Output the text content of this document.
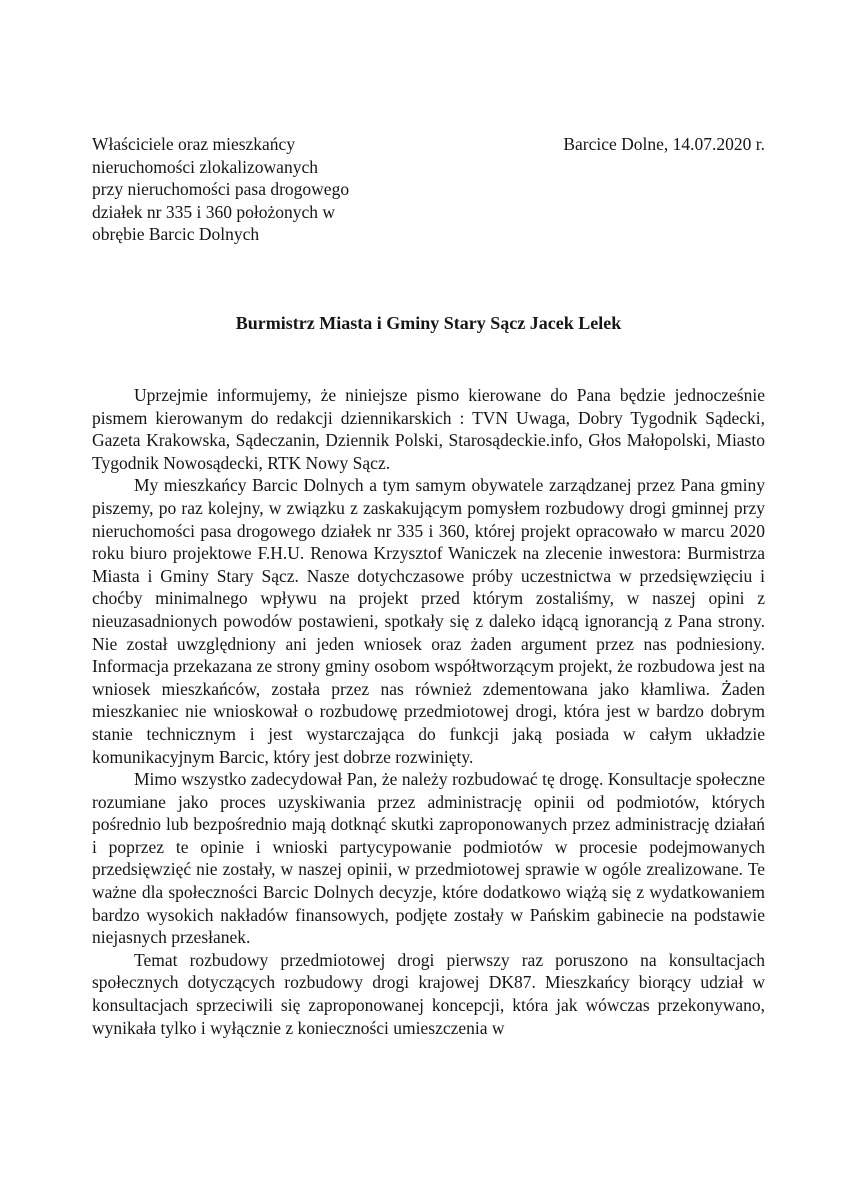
Właściciele oraz mieszkańcy
nieruchomości zlokalizowanych
przy nieruchomości pasa drogowego
działek nr 335 i 360 położonych w
obrębie Barcic Dolnych
Barcice Dolne, 14.07.2020 r.
Burmistrz Miasta i Gminy Stary Sącz Jacek Lelek

Uprzejmie informujemy, że niniejsze pismo kierowane do Pana będzie jednocześnie pismem kierowanym do redakcji dziennikarskich : TVN Uwaga, Dobry Tygodnik Sądecki, Gazeta Krakowska, Sądeczanin, Dziennik Polski, Starosądeckie.info, Głos Małopolski, Miasto Tygodnik Nowosądecki, RTK Nowy Sącz.

My mieszkańcy Barcic Dolnych a tym samym obywatele zarządzanej przez Pana gminy piszemy, po raz kolejny, w związku z zaskakującym pomysłem rozbudowy drogi gminnej przy nieruchomości pasa drogowego działek nr 335 i 360, której projekt opracowało w marcu 2020 roku biuro projektowe F.H.U. Renowa Krzysztof Waniczek na zlecenie inwestora: Burmistrza Miasta i Gminy Stary Sącz. Nasze dotychczasowe próby uczestnictwa w przedsięwzięciu i choćby minimalnego wpływu na projekt przed którym zostaliśmy, w naszej opini z nieuzasadnionych powodów postawieni, spotkały się z daleko idącą ignorancją z Pana strony. Nie został uwzględniony ani jeden wniosek oraz żaden argument przez nas podniesiony. Informacja przekazana ze strony gminy osobom współtworzącym projekt, że rozbudowa jest na wniosek mieszkańców, została przez nas również zdementowana jako kłamliwa. Żaden mieszkaniec nie wnioskował o rozbudowę przedmiotowej drogi, która jest w bardzo dobrym stanie technicznym i jest wystarczająca do funkcji jaką posiada w całym układzie komunikacyjnym Barcic, który jest dobrze rozwinięty.

Mimo wszystko zadecydował Pan, że należy rozbudować tę drogę. Konsultacje społeczne rozumiane jako proces uzyskiwania przez administrację opinii od podmiotów, których pośrednio lub bezpośrednio mają dotknąć skutki zaproponowanych przez administrację działań i poprzez te opinie i wnioski partycypowanie podmiotów w procesie podejmowanych przedsięwzięć nie zostały, w naszej opinii, w przedmiotowej sprawie w ogóle zrealizowane. Te ważne dla społeczności Barcic Dolnych decyzje, które dodatkowo wiążą się z wydatkowaniem bardzo wysokich nakładów finansowych, podjęte zostały w Pańskim gabinecie na podstawie niejasnych przesłanek.

Temat rozbudowy przedmiotowej drogi pierwszy raz poruszono na konsultacjach społecznych dotyczących rozbudowy drogi krajowej DK87. Mieszkańcy biorący udział w konsultacjach sprzeciwili się zaproponowanej koncepcji, która jak wówczas przekonywano, wynikała tylko i wyłącznie z konieczności umieszczenia w
